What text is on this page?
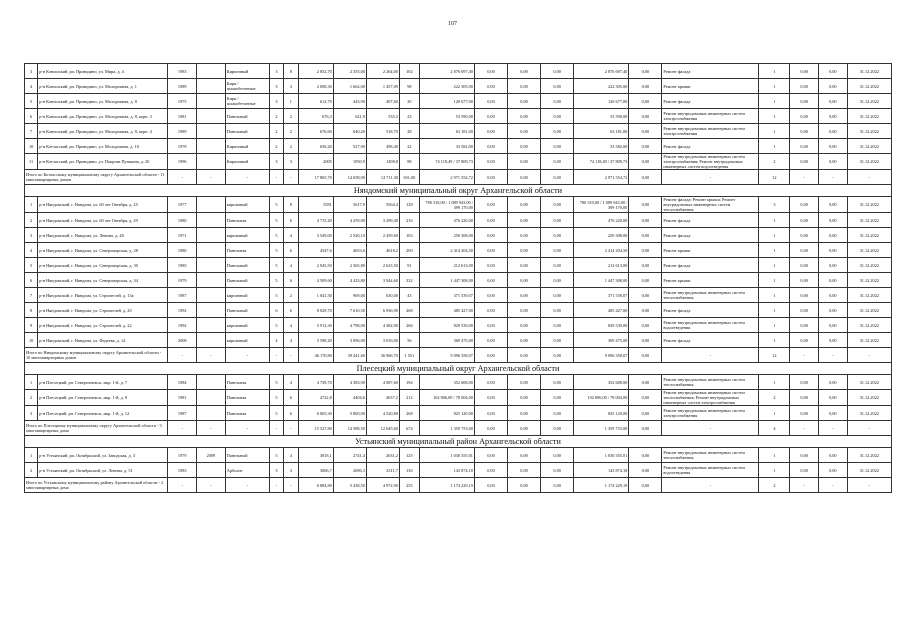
107
3	р-н Коношский, рп. Приводино, ул. Мира, д. 4	1983		Кирпичный	3	8	2 852,70	2 355,00	2 264,00	102	2 876 697,40	0,00	0,00	0,00	2 876 697,40	0,00	Ремонт фасада	1	0,00	0,00	31.12.2022
4	р-н Коношский, рп. Приводино, ул. Молодежная, д. 1	1989		Кирп./ шлакобетонные	3	3	2 008,30	1 662,00	1 457,09	98	222 305,00	0,00	0,00	0,00	222 305,00	0,00	Ремонт крыши	1	0,00	0,00	31.12.2022
5	р-н Коношский, рп. Приводино, ул. Молодежная, д. 8	1975		Кирп./ шлакобетонные	3	1	612,70	443,90	407,60	20	120 677,00	0,00	0,00	0,00	120 677,00	0,00	Ремонт фасада	1	0,00	0,00	31.12.2022
6	р-н Коношский, рп. Приводино, ул. Молодежная, д. 8, корп. 3	1981		Панельный	2	2	676,3	621,9	535,3	23	53 590,00	0,00	0,00	0,00	53 590,00	0,00	Ремонт внутридомовых инженерных систем электроснабжения	1	0,00	0,00	31.12.2022
7	р-н Коношский, рп. Приводино, ул. Молодежная, д. 8, корп. 4	1989		Панельный	2	2	676,60	640,20	518,70	28	63 181,00	0,00	0,00	0,00	63 181,00	0,00	Ремонт внутридомовых инженерных систем электроснабжения	1	0,00	0,00	31.12.2022
10	р-н Котласский, рп. Приводино, ул. Молодежная, д. 10	1978		Кирпичный	2	2	636,20	527,90	498,40	22	33 582,00	0,00	0,00	0,00	33 582,00	0,00	Ремонт фасада	1	0,00	0,00	31.12.2022
11	р-н Котласский, рп. Приводино, ул. Покрова Пушкина, д. 20	1996		Кирпичный	3	3	2005	1950,9	1498,8	88	74 118,49 / 37 809,73	0,00	0,00	0,00	74 118,49 / 37 809,73	0,00	Ремонт внутридомовых инженерных систем электроснабжения; Ремонт внутридомовых инженерных систем водоотведения	2	0,00	0,00	31.12.2022
Итого по Котласскому муниципальному округу Архангельской области - 11 многоквартирных домов		-	-	-	-	-	17 865,70	14 658,00	12 711,30	651,00	2 971 554,72	0,00	0,00	0,00	2 971 554,72	0,00	-	12	-	-	-
Няндомский муниципальный округ Архангельской области																					
1	р-н Няндомский, г. Няндома, ул. 60 лет Октября, д. 25	1977		кирпичный	5	8	5581	5617,9	5564,4	128	780 310,00 / 1 089 943,00 / 399 170,00	0,00	0,00	0,00	780 310,00 / 1 089 943,00 / 399 170,00	0,00	Ремонт фасада; Ремонт крыши; Ремонт внутридомовых инженерных систем теплоснабжения	3	0,00	0,00	31.12.2022
2	р-н Няндомский, г. Няндома, ул. 60 лет Октября, д. 29	1980		Панельная	5	6	4 715,20	4 259,00	3 299,40	216	476 220,00	0,00	0,00	0,00	476 220,00	0,00	Ремонт фасада	1	0,00	0,00	31.12.2022
3	р-н Няндомский, г. Няндома, ул. Ленина, д. 48	1971		кирпичный	5	4	3 549,00	2 520,10	2 459,60	103	250 308,00	0,00	0,00	0,00	250 308,00	0,00	Ремонт фасада	1	0,00	0,00	31.12.2022
4	р-н Няндомский, г. Няндома, ул. Североморская, д. 28	1980		Панельная	5	6	4547,6	4653,6	4618,2	200	2 414 204,50	0,00	0,00	0,00	2 414 204,50	0,00	Ремонт крыши	1	0,00	0,00	31.12.2022
5	р-н Няндомский, г. Няндома, ул. Североморская, д. 30	1985		Панельный	5	4	2 945,50	2 365,80	2 623,50	91	212 613,00	0,00	0,00	0,00	212 613,00	0,00	Ремонт фасада	1	0,00	0,00	31.12.2022
6	р-н Няндомский, г. Няндома, ул. Североморская, д. 34	1979		Панельный	5	6	4 509,60	4 423,80	3 944,60	332	1 447 308,00	0,00	0,00	0,00	1 447 308,00	0,00	Ремонт крыши	1	0,00	0,00	31.12.2022
7	р-н Няндомский, г. Няндома, ул. Строителей, д. 13а	1987		кирпичный	5	2	1 041,50	969,00	630,00	43	371 539,07	0,00	0,00	0,00	371 539,07	0,00	Ремонт внутридомовых инженерных систем теплоснабжения	1	0,00	0,00	31.12.2022
8	р-н Няндомский, г. Няндома, ул. Строителей, д. 20	1992		Панельный	6	6	8 029,70	7 610,50	6 936,90	268	485 427,00	0,00	0,00	0,00	485 427,00	0,00	Ремонт фасада	1	0,00	0,00	31.12.2022
9	р-н Няндомский, г. Няндома, ул. Строителей, д. 22	1992		кирпичный	5	4	5 912,30	4 798,00	4 382,00	266	829 539,00	0,00	0,00	0,00	829 539,00	0,00	Ремонт внутридомовых инженерных систем водоотведения	1	0,00	0,00	31.12.2022
10	р-н Няндомский, г. Няндома, ул. Фадеева, д. 14	2008		кирпичный	4	4	5 598,20	3 096,00	3 016,00	56	369 475,00	0,00	0,00	0,00	369 475,00	0,00	Ремонт фасада	1	0,00	0,00	31.12.2022
Итого по Няндомскому муниципальному округу Архангельской области - 10 многоквартирных домов		-	-	-	-	-	46 170,80	39 441,60	36 966,70	1 551	9 096 358,07	0,00	0,00	0,00	9 096 358,07	0,00	-	12	-	-	-
Плесецкий муниципальный округ Архангельской области																					
1	р-н Плесецкий, рп. Североонежск, мкр. 1-й, д. 7	1984		Панельная	5	4	4 739,70	4 383,90	4 087,60	194	352 608,00	0,00	0,00	0,00	352 608,00	0,00	Ремонт внутридомовых инженерных систем теплоснабжения	1	0,00	0,00	31.12.2022
2	р-н Плесецкий, рп. Североонежск, мкр. 1-й, д. 8	1981		Панельная	5	6	4722,8	4404,6	4037,2	212	102 806,00 / 78 004,00	0,00	0,00	0,00	102 806,00 / 78 004,00	0,00	Ремонт внутридомовых инженерных систем теплоснабжения; Ремонт внутридомовых инженерных систем электроснабжения	2	0,00	0,00	31.12.2022
3	р-н Плесецкий, рп. Североонежск, мкр. 1-й, д. 12	1987		Панельная	5	6	6 065,30	5 800,00	4 520,80	268	825 120,00	0,00	0,00	0,00	825 120,00	0,00	Ремонт внутридомовых инженерных систем электроснабжения	1	0,00	0,00	31.12.2022
Итого по Плесецкому муниципальному округу Архангельской области - 3 многоквартирных дома		-	-	-	-	-	15 527,80	14 588,50	12 645,60	674	1 359 753,00	0,00	0,00	0,00	1 359 753,00	0,00	-	4	-	-	-
Устьянский муниципальный район Архангельской области																					
1	р-н Устьянский, рп. Октябрьский, ул. Заводская, д. 3	1979	2009	Панельный	5	4	3818,1	2741,4	2631,2	125	1 030 355,01	0,00	0,00	0,00	1 030 355,01	0,00	Ремонт внутридомовых инженерных систем теплоснабжения	1	0,00	0,00	31.12.2022
2	р-н Устьянский, рп. Октябрьский, ул. Ленина, д. 51	1983		Арболит	3	3	3066,7	2696,3	2311,7	130	143 874,18	0,00	0,00	0,00	143 874,18	0,00	Ремонт внутридомовых инженерных систем водоотведения	1	0,00	0,00	31.12.2022
Итого по Устьянскому муниципальному району Архангельской области - 2 многоквартирных дома		-	-	-	-	-	6 884,80	5 438,50	4 972,90	255	1 174 229,19	0,00	0,00	0,00	1 174 229,19	0,00	-	2	-	-	-
